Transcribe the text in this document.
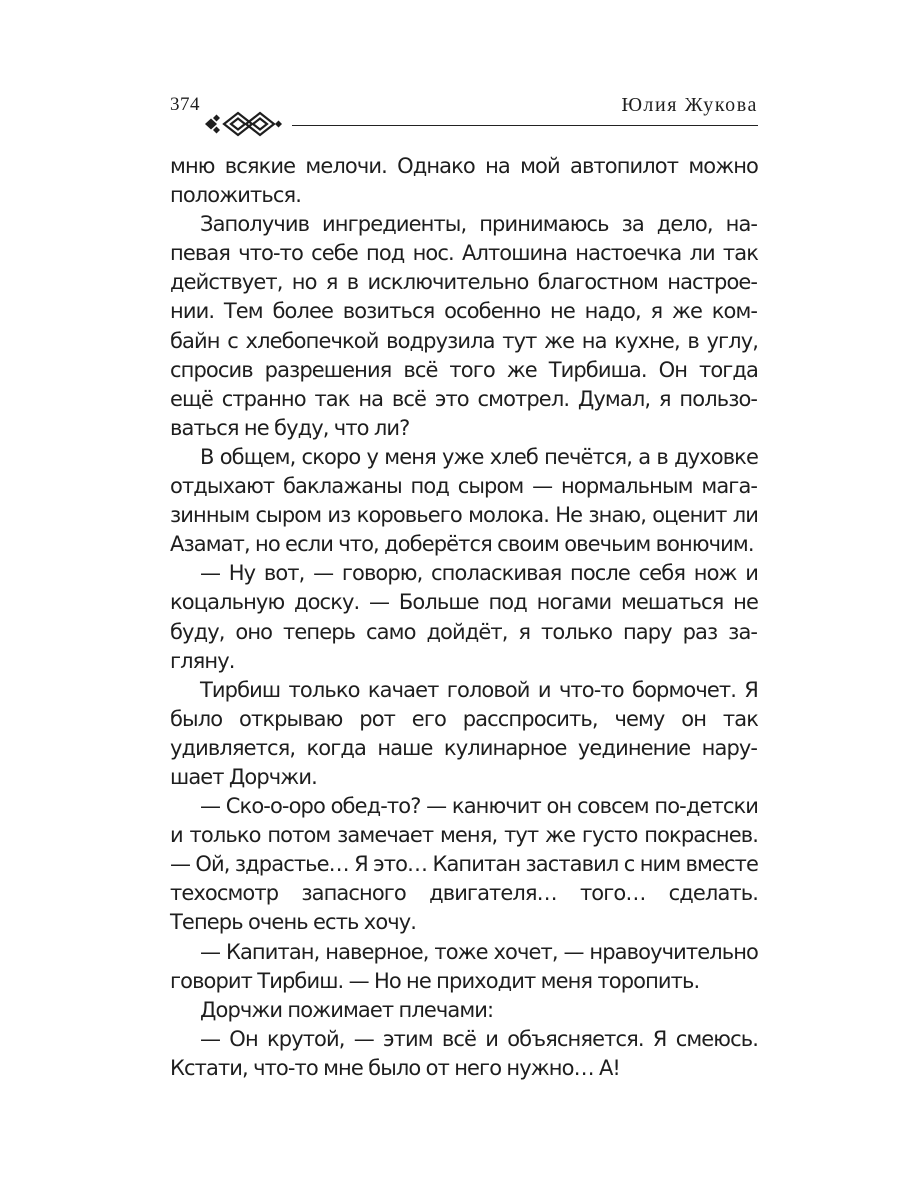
374	Юлия Жукова

мню всякие мелочи. Однако на мой автопилот можно положиться.

Заполучив ингредиенты, принимаюсь за дело, напевая что-то себе под нос. Алтошина настоечка ли так действует, но я в исключительно благостном настроении. Тем более возиться особенно не надо, я же комбайн с хлебопечкой водрузила тут же на кухне, в углу, спросив разрешения всё того же Тирбиша. Он тогда ещё странно так на всё это смотрел. Думал, я пользоваться не буду, что ли?

В общем, скоро у меня уже хлеб печётся, а в духовке отдыхают баклажаны под сыром — нормальным магазинным сыром из коровьего молока. Не знаю, оценит ли Азамат, но если что, доберётся своим овечьим вонючим.

— Ну вот, — говорю, споласкивая после себя нож и коцальную доску. — Больше под ногами мешаться не буду, оно теперь само дойдёт, я только пару раз загляну.

Тирбиш только качает головой и что-то бормочет. Я было открываю рот его расспросить, чему он так удивляется, когда наше кулинарное уединение нарушает Дорчжи.

— Ско-о-оро обед-то? — канючит он совсем по-детски и только потом замечает меня, тут же густо покраснев. — Ой, здрастье… Я это… Капитан заставил с ним вместе техосмотр запасного двигателя… того… сделать. Теперь очень есть хочу.

— Капитан, наверное, тоже хочет, — нравоучительно говорит Тирбиш. — Но не приходит меня торопить.

Дорчжи пожимает плечами:

— Он крутой, — этим всё и объясняется. Я смеюсь. Кстати, что-то мне было от него нужно… А!
